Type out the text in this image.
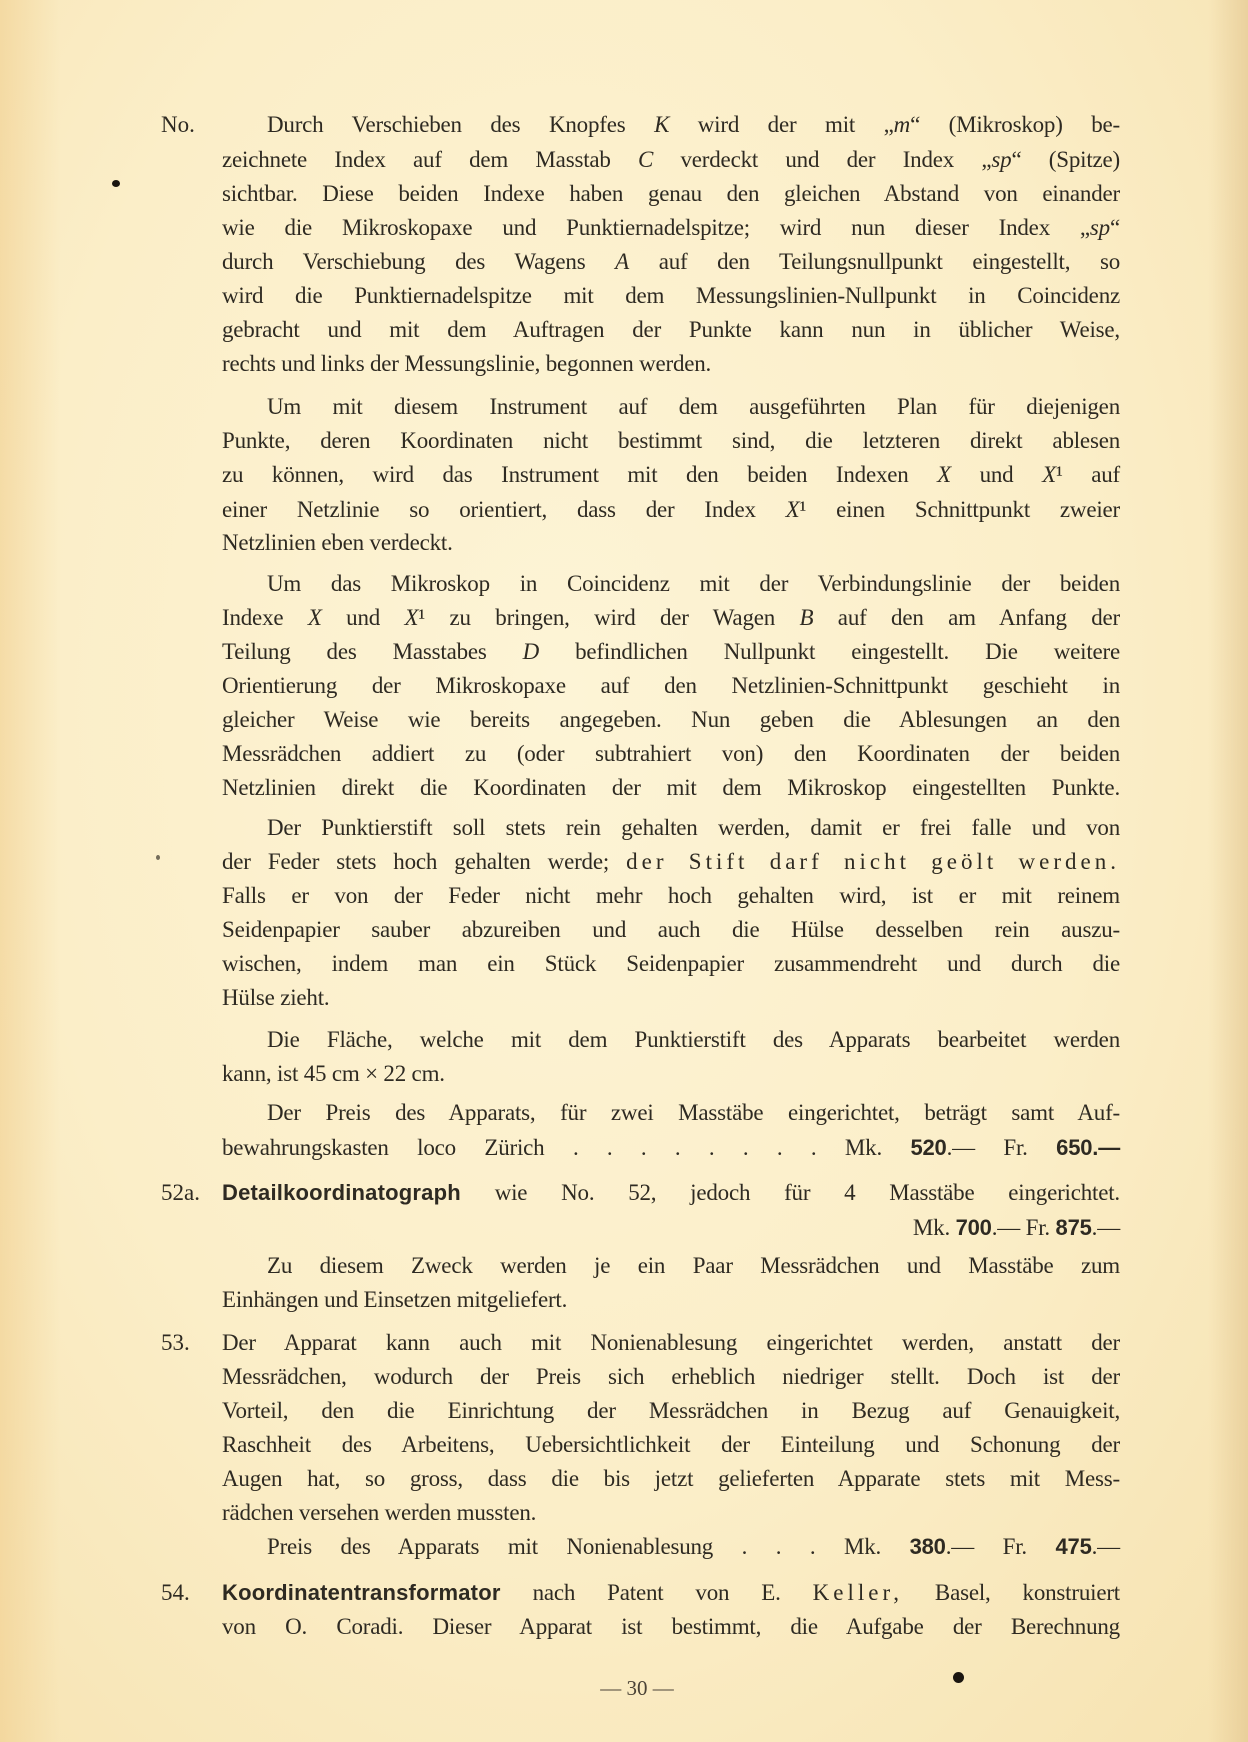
No.	Durch Verschieben des Knopfes K wird der mit „m“ (Mikroskop) be-
zeichnete Index auf dem Masstab C verdeckt und der Index „sp“ (Spitze)
sichtbar. Diese beiden Indexe haben genau den gleichen Abstand von einander
wie die Mikroskopaxe und Punktiernadelspitze; wird nun dieser Index „sp“
durch Verschiebung des Wagens A auf den Teilungsnullpunkt eingestellt, so
wird die Punktiernadelspitze mit dem Messungslinien-Nullpunkt in Coincidenz
gebracht und mit dem Auftragen der Punkte kann nun in üblicher Weise,
rechts und links der Messungslinie, begonnen werden.
Um mit diesem Instrument auf dem ausgeführten Plan für diejenigen
Punkte, deren Koordinaten nicht bestimmt sind, die letzteren direkt ablesen
zu können, wird das Instrument mit den beiden Indexen X und X¹ auf
einer Netzlinie so orientiert, dass der Index X¹ einen Schnittpunkt zweier
Netzlinien eben verdeckt.
Um das Mikroskop in Coincidenz mit der Verbindungslinie der beiden
Indexe X und X¹ zu bringen, wird der Wagen B auf den am Anfang der
Teilung des Masstabes D befindlichen Nullpunkt eingestellt. Die weitere
Orientierung der Mikroskopaxe auf den Netzlinien-Schnittpunkt geschieht in
gleicher Weise wie bereits angegeben. Nun geben die Ablesungen an den
Messrädchen addiert zu (oder subtrahiert von) den Koordinaten der beiden
Netzlinien direkt die Koordinaten der mit dem Mikroskop eingestellten Punkte.
Der Punktierstift soll stets rein gehalten werden, damit er frei falle und von
der Feder stets hoch gehalten werde; der Stift darf nicht geölt werden.
Falls er von der Feder nicht mehr hoch gehalten wird, ist er mit reinem
Seidenpapier sauber abzureiben und auch die Hülse desselben rein auszu-
wischen, indem man ein Stück Seidenpapier zusammendreht und durch die
Hülse zieht.
Die Fläche, welche mit dem Punktierstift des Apparats bearbeitet werden
kann, ist 45 cm × 22 cm.
Der Preis des Apparats, für zwei Masstäbe eingerichtet, beträgt samt Auf-
bewahrungskasten loco Zürich . . . . . . . . Mk. 520.— Fr. 650.—
52a. Detailkoordinatograph wie No. 52, jedoch für 4 Masstäbe eingerichtet.
Mk. 700.— Fr. 875.—
Zu diesem Zweck werden je ein Paar Messrädchen und Masstäbe zum
Einhängen und Einsetzen mitgeliefert.
53. Der Apparat kann auch mit Nonienablesung eingerichtet werden, anstatt der
Messrädchen, wodurch der Preis sich erheblich niedriger stellt. Doch ist der
Vorteil, den die Einrichtung der Messrädchen in Bezug auf Genauigkeit,
Raschheit des Arbeitens, Uebersichtlichkeit der Einteilung und Schonung der
Augen hat, so gross, dass die bis jetzt gelieferten Apparate stets mit Mess-
rädchen versehen werden mussten.
Preis des Apparats mit Nonienablesung . . . Mk. 380.— Fr. 475.—
54. Koordinatentransformator nach Patent von E. Keller, Basel, konstruiert
von O. Coradi. Dieser Apparat ist bestimmt, die Aufgabe der Berechnung
— 30 —
